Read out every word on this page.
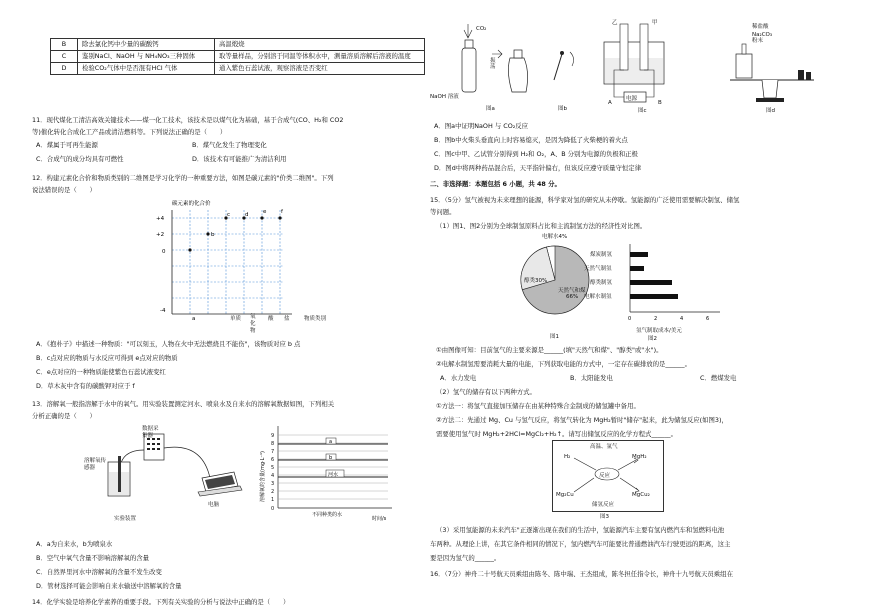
B	除去氯化钙中少量的碳酸钙	高温煅烧
C	鉴别NaCl、NaOH 与 NH₄NO₃三种固体	取等量样品，分别溶于同温等体积水中，测量溶质溶解后溶液的温度
D	检验CO₂气体中是否混有HCl 气体	通入紫色石蕊试液，观察溶液是否变红
11．现代煤化工清洁高效关键技术——煤一化工技术，该技术是以煤气化为基础，基于合成气(CO、H₂和 CO2
等)催化转化合成化工产品或清洁燃料等。下列说法正确的是（　　）
A．煤属于可再生能源	B．煤气化发生了物理变化
C．合成气的成分均具有可燃性	D．该技术有可能推广为清洁利用
12．构建元素化合价和物质类别的二维图是学习化学的一种重要方法，如图是碳元素的"价类二维图"。下列
说法错误的是（　　）
碳元素的化合价
+4
+2
0
-4
a
b
c	d	e	f
单质 氧化物
酸 盐	物质类别
A．《抱朴子》中描述一种物质："可以刻玉，人物在火中无法燃烧且不能伤"，该物质对应 b 点
B．c点对应的物质与水反应可得到 e点对应的物质
C．e点对应的一种物质能使紫色石蕊试液变红
D．草木灰中含有的碳酸钾对应于 f
13．溶解氧一般指溶解于水中的氧气。用实验装置测定河水、喷泉水及自来水的溶解氧数据如图，下列相关
分析正确的是（　　）
数据采集器
溶解氧传感器
电脑
实验装置
9
8
7
6
5
4
3
2
1
0
a
b
河水
不同种类的水
时间/s
溶解氧的含量(mg·L⁻¹)
A．a为自来水，b为喷泉水
B．空气中氧气含量不影响溶解氧的含量
C．自然界里河水中溶解氧的含量不发生改变
D．管材选择可能会影响自来水输送中溶解氧的含量
14．化学实验是培养化学素养的重要手段。下列有关实验的分析与说法中正确的是（　　）
NaOH 溶液
CO₂
振荡
图a	图b
乙	甲
电源
A	B
图c
稀盐酸
Na₂CO₃ 粉末
图d
A．图a中证明NaOH 与 CO₂反应
B．图b中火柴头垂直向上时容易熄灭，是因为降低了火柴梗的着火点
C．图c中甲、乙试管分别得到 H₂和 O₂，A、B 分别为电源的负极和正极
D．图d中将两种药品混合后，天平指针偏右，但该反应遵守质量守恒定律
二、非选择题：本题包括 6 小题，共 48 分。
15．（5分）氢气被视为未来理想的能源，科学家对氢的研究从未停歇。氢能源的广泛使用需要解决制氢、储氢
等问题。
（1）图1、图2分别为全球制氢原料占比和主流制氢方法的经济性对比图。
电解水4%
醇类30%
天然气和煤
66%
图1
0	2	4	6
煤炭制氢
天然气制氢
醇类制氢
电解水制氢
氢气制取成本/美元
图2
①由图像可知：目前氢气的主要来源是______(填"天然气和煤"、"醇类"或"水")。
②电解水制氢需要消耗大量的电能，下列获取电能的方式中，一定存在碳排放的是______。
A．水力发电	B．太阳能发电	C．燃煤发电
（2）氢气的储存有以下两种方式。
①方法一：将氢气直接加压储存在由某种特殊合金制成的储氢罐中备用。
②方法二：先通过 Mg、Cu 与氢气反应，将氢气转化为 MgH₂暂时"储存"起来，此为储氢反应(如图3)，
需要使用氢气时 MgH₂+2HCl=MgCl₂+H₂↑。请写出储氢反应的化学方程式______。
高温、氩气
H₂
反应
MgH₂
Mg₂Cu	MgCu₂
储氢反应
图3
（3）采用氢能源的未来汽车"正逐渐出现在我们的生活中，氢能源汽车主要有氢内燃汽车和氢燃料电池
车两种。从理论上讲，在其它条件相同的情况下，氢内燃汽车可能要比普通燃油汽车行驶更远的距离，这主
要是因为氢气的______。
16．（7分）神舟二十号航天员乘组由陈冬、陈中瑞、王杰组成，陈冬担任指令长，神舟十九号航天员乘组在
